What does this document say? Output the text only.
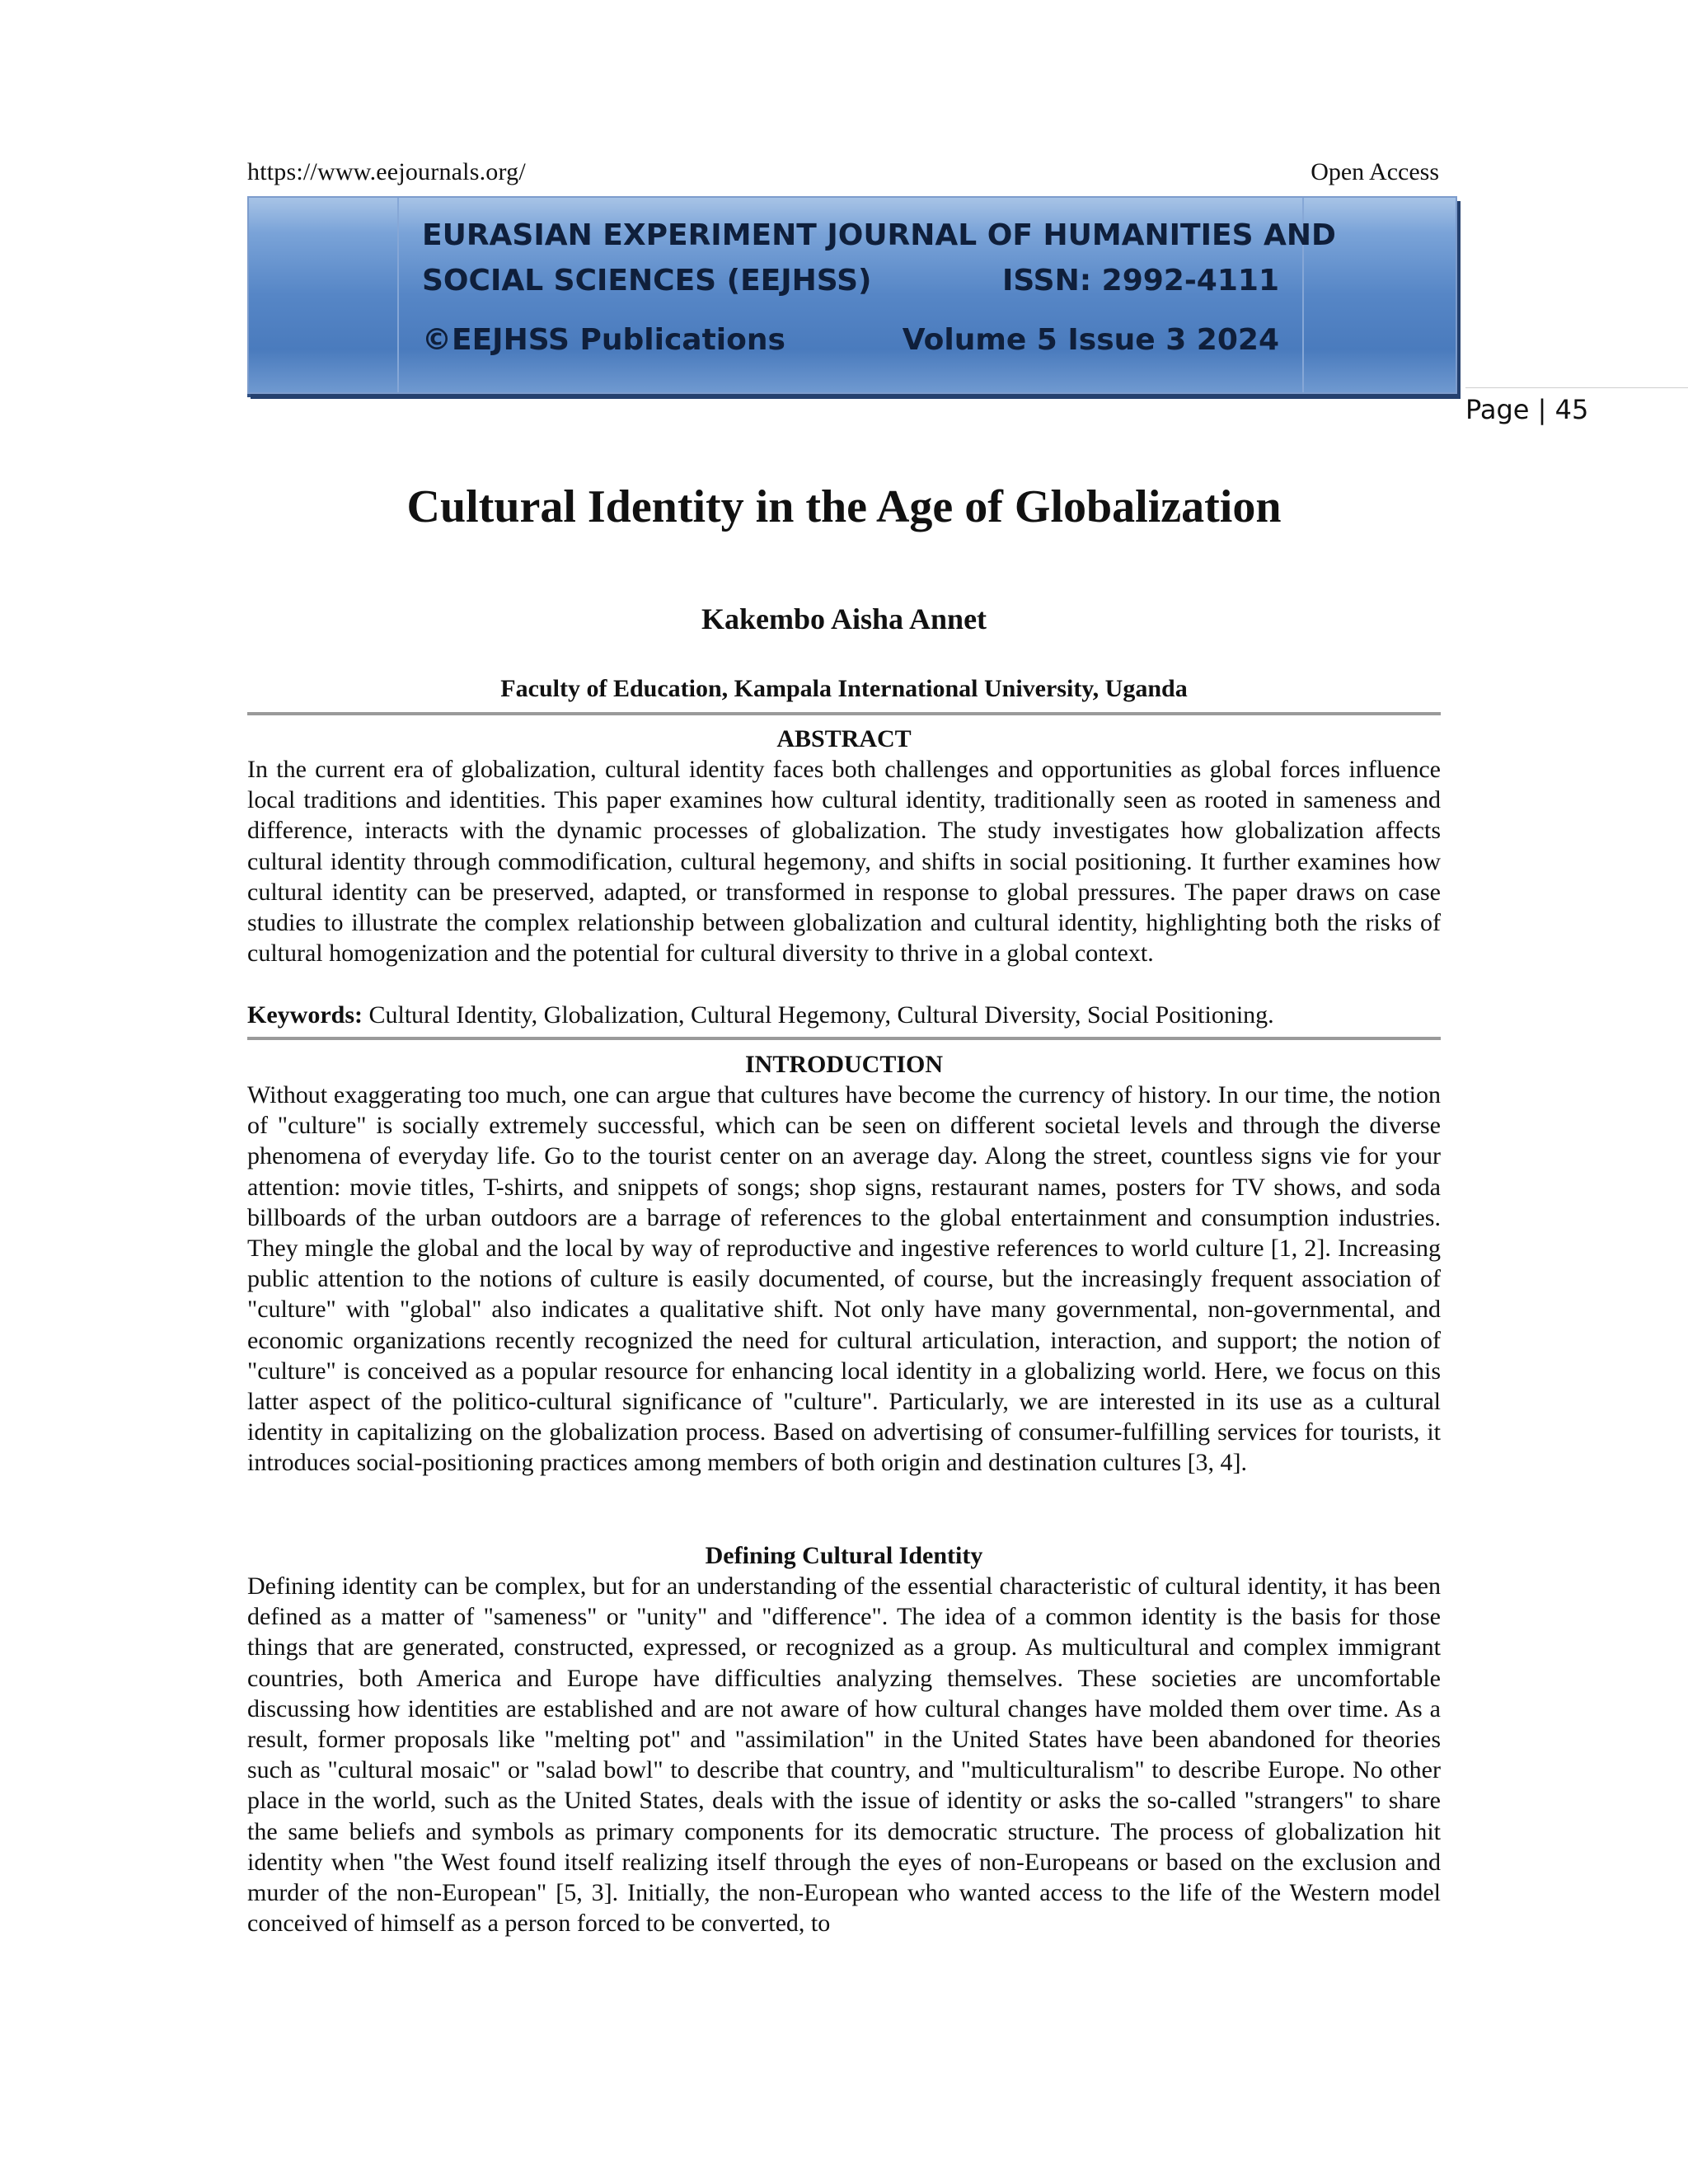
https://www.eejournals.org/	Open Access
EURASIAN EXPERIMENT JOURNAL OF HUMANITIES AND
SOCIAL SCIENCES (EEJHSS)	ISSN: 2992-4111
©EEJHSS Publications	Volume 5 Issue 3 2024
Page | 45
Cultural Identity in the Age of Globalization
Kakembo Aisha Annet
Faculty of Education, Kampala International University, Uganda
ABSTRACT

In the current era of globalization, cultural identity faces both challenges and opportunities as global forces influence local traditions and identities. This paper examines how cultural identity, traditionally seen as rooted in sameness and difference, interacts with the dynamic processes of globalization. The study investigates how globalization affects cultural identity through commodification, cultural hegemony, and shifts in social positioning. It further examines how cultural identity can be preserved, adapted, or transformed in response to global pressures. The paper draws on case studies to illustrate the complex relationship between globalization and cultural identity, highlighting both the risks of cultural homogenization and the potential for cultural diversity to thrive in a global context.

Keywords: Cultural Identity, Globalization, Cultural Hegemony, Cultural Diversity, Social Positioning.
INTRODUCTION

Without exaggerating too much, one can argue that cultures have become the currency of history. In our time, the notion of "culture" is socially extremely successful, which can be seen on different societal levels and through the diverse phenomena of everyday life. Go to the tourist center on an average day. Along the street, countless signs vie for your attention: movie titles, T-shirts, and snippets of songs; shop signs, restaurant names, posters for TV shows, and soda billboards of the urban outdoors are a barrage of references to the global entertainment and consumption industries. They mingle the global and the local by way of reproductive and ingestive references to world culture [1, 2]. Increasing public attention to the notions of culture is easily documented, of course, but the increasingly frequent association of "culture" with "global" also indicates a qualitative shift. Not only have many governmental, non-governmental, and economic organizations recently recognized the need for cultural articulation, interaction, and support; the notion of "culture" is conceived as a popular resource for enhancing local identity in a globalizing world. Here, we focus on this latter aspect of the politico-cultural significance of "culture". Particularly, we are interested in its use as a cultural identity in capitalizing on the globalization process. Based on advertising of consumer-fulfilling services for tourists, it introduces social-positioning practices among members of both origin and destination cultures [3, 4].

Defining Cultural Identity

Defining identity can be complex, but for an understanding of the essential characteristic of cultural identity, it has been defined as a matter of "sameness" or "unity" and "difference". The idea of a common identity is the basis for those things that are generated, constructed, expressed, or recognized as a group. As multicultural and complex immigrant countries, both America and Europe have difficulties analyzing themselves. These societies are uncomfortable discussing how identities are established and are not aware of how cultural changes have molded them over time. As a result, former proposals like "melting pot" and "assimilation" in the United States have been abandoned for theories such as "cultural mosaic" or "salad bowl" to describe that country, and "multiculturalism" to describe Europe. No other place in the world, such as the United States, deals with the issue of identity or asks the so-called "strangers" to share the same beliefs and symbols as primary components for its democratic structure. The process of globalization hit identity when "the West found itself realizing itself through the eyes of non-Europeans or based on the exclusion and murder of the non-European" [5, 3]. Initially, the non-European who wanted access to the life of the Western model conceived of himself as a person forced to be converted, to
